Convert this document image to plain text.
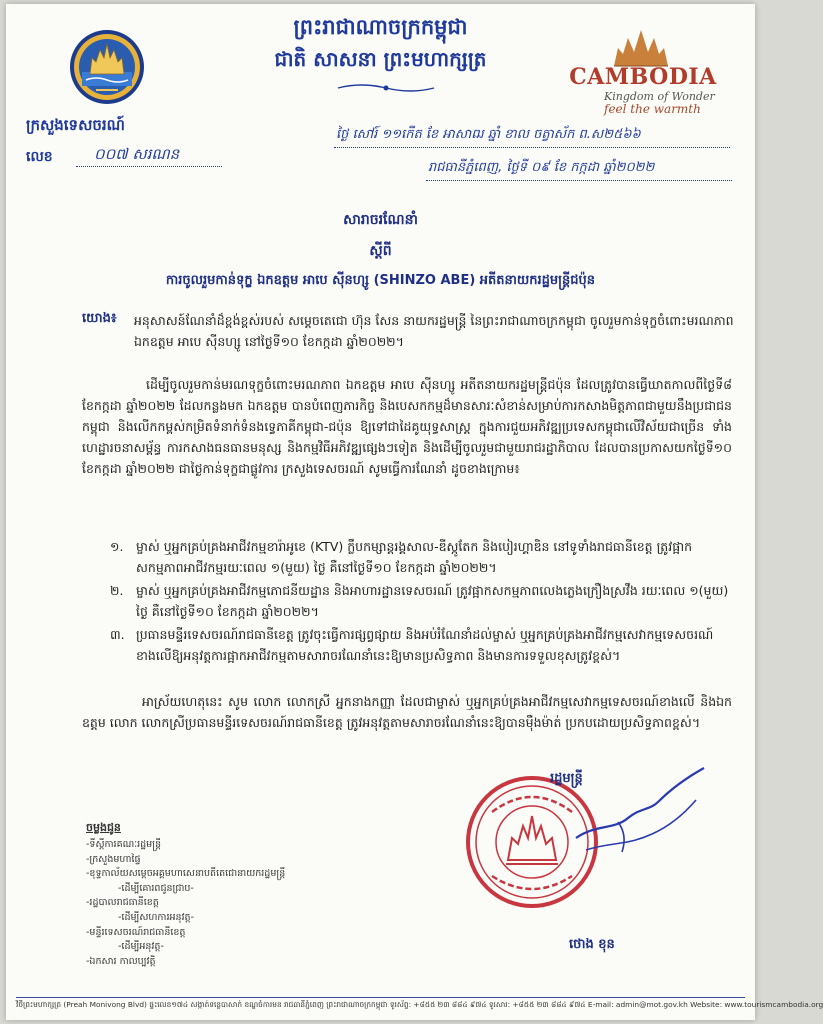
ព្រះរាជាណាចក្រកម្ពុជា
ជាតិ សាសនា ព្រះមហាក្សត្រ
ក្រសួងទេសចរណ៍
លេខ	០០៧ សរណន
CAMBODIA
Kingdom of Wonder
feel the warmth
ថ្ងៃ សៅរ៍ ១១កើត ខែ អាសាឍ ឆ្នាំ ខាល ចត្វាស័ក ព.ស២៥៦៦
រាជធានីភ្នំពេញ, ថ្ងៃទី ០៩ ខែ កក្កដា ឆ្នាំ២០២២
សារាចរណែនាំ
ស្តីពី
ការចូលរួមកាន់ទុក្ខ ឯកឧត្តម អាបេ ស៊ីនហ្សូ (SHINZO ABE) អតីតនាយករដ្ឋមន្ត្រីជប៉ុន
យោង៖ អនុសាសន៍ណែនាំដ៏ខ្ពង់ខ្ពស់របស់ សម្តេចតេជោ ហ៊ុន សែន នាយករដ្ឋមន្ត្រី នៃព្រះរាជាណាចក្រកម្ពុជា ចូលរួមកាន់ទុក្ខចំពោះមរណភាព ឯកឧត្តម អាបេ ស៊ីនហ្សូ នៅថ្ងៃទី១០ ខែកក្កដា ឆ្នាំ២០២២។
ដើម្បីចូលរួមកាន់មរណទុក្ខចំពោះមរណភាព ឯកឧត្តម អាបេ ស៊ីនហ្សូ អតីតនាយករដ្ឋមន្ត្រីជប៉ុន ដែលត្រូវបានធ្វើឃាតកាលពីថ្ងៃទី៨ ខែកក្កដា ឆ្នាំ២០២២ ដែលកន្លងមក ឯកឧត្តម បានបំពេញភារកិច្ច និងបេសកកម្មដ៏មានសារៈសំខាន់សម្រាប់ការកសាងមិត្តភាពជាមួយនឹងប្រជាជនកម្ពុជា និងលើកកម្ពស់កម្រិតទំនាក់ទំនងទ្វេភាគីកម្ពុជា-ជប៉ុន ឱ្យទៅជាដៃគូយុទ្ធសាស្ត្រ ក្នុងការជួយអភិវឌ្ឍប្រទេសកម្ពុជាលើវិស័យជាច្រើន ទាំងហេដ្ឋារចនាសម្ព័ន្ធ ការកសាងធនធានមនុស្ស និងកម្មវិធីអភិវឌ្ឍផ្សេងៗទៀត និងដើម្បីចូលរួមជាមួយរាជរដ្ឋាភិបាល ដែលបានប្រកាសយកថ្ងៃទី១០ ខែកក្កដា ឆ្នាំ២០២២ ជាថ្ងៃកាន់ទុក្ខជាផ្លូវការ ក្រសួងទេសចរណ៍ សូមធ្វើការណែនាំ ដូចខាងក្រោម៖
១. ម្ចាស់ ឬអ្នកគ្រប់គ្រងអាជីវកម្មខារ៉ាអូខេ (KTV) ក្លឹបកម្សាន្តរង្គសាល-ឌីស្កូតែក និងបៀរហ្គាឌិន នៅទូទាំងរាជធានីខេត្ត ត្រូវផ្អាកសកម្មភាពអាជីវកម្មរយៈពេល ១(មួយ) ថ្ងៃ គឺនៅថ្ងៃទី១០ ខែកក្កដា ឆ្នាំ២០២២។
២. ម្ចាស់ ឬអ្នកគ្រប់គ្រងអាជីវកម្មភោជនីយដ្ឋាន និងអាហារដ្ឋានទេសចរណ៍ ត្រូវផ្អាកសកម្មភាពលេងភ្លេងក្រឿងស្រវឹង រយៈពេល ១(មួយ) ថ្ងៃ គឺនៅថ្ងៃទី១០ ខែកក្កដា ឆ្នាំ២០២២។
៣. ប្រធានមន្ទីរទេសចរណ៍រាជធានីខេត្ត ត្រូវចុះធ្វើការផ្សព្វផ្សាយ និងអប់រំណែនាំដល់ម្ចាស់ ឬអ្នកគ្រប់គ្រងអាជីវកម្មសេវាកម្មទេសចរណ៍ខាងលើឱ្យអនុវត្តការផ្អាកអាជីវកម្មតាមសារាចរណែនាំនេះឱ្យមានប្រសិទ្ធភាព និងមានការទទួលខុសត្រូវខ្ពស់។
អាស្រ័យហេតុនេះ សូម លោក លោកស្រី អ្នកនាងកញ្ញា ដែលជាម្ចាស់ ឬអ្នកគ្រប់គ្រងអាជីវកម្មសេវាកម្មទេសចរណ៍ខាងលើ និងឯកឧត្តម លោក លោកស្រីប្រធានមន្ទីរទេសចរណ៍រាជធានីខេត្ត ត្រូវអនុវត្តតាមសារាចរណែនាំនេះឱ្យបានម៉ឺងម៉ាត់ ប្រកបដោយប្រសិទ្ធភាពខ្ពស់។
រដ្ឋមន្ត្រី
ថោង ខុន
ចម្លងជូន
-ទីស្តីការគណៈរដ្ឋមន្ត្រី
-ក្រសួងមហាផ្ទៃ
-ខុទ្ទកាល័យសម្តេចអគ្គមហាសេនាបតីតេជោនាយករដ្ឋមន្ត្រី
-ដើម្បីគោរពជូនជ្រាប-
-រដ្ឋបាលរាជធានីខេត្ត
-ដើម្បីសហការអនុវត្ត-
-មន្ទីរទេសចរណ៍រាជធានីខេត្ត
-ដើម្បីអនុវត្ត-
-ឯកសារ កាលប្បវត្តិ
វិថីព្រះមហាក្សត្រ (Preah Monivong Blvd) ផ្ទះលេខ១៧៤ សង្កាត់ទន្លេបាសាក់ ខណ្ឌចំការមន រាជធានីភ្នំពេញ ព្រះរាជាណាចក្រកម្ពុជា ទូរស័ព្ទ: +៨៥៥ ២៣ ៨៨៤ ៩៧៤ ទូរសារ: +៨៥៥ ២៣ ៨៨៤ ៩៧៤ E-mail: admin@mot.gov.kh Website: www.tourismcambodia.org
